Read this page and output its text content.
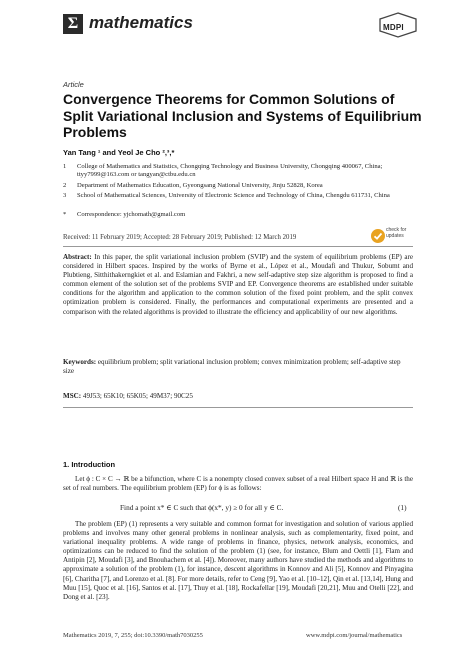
Σ mathematics	MDPI
Article
Convergence Theorems for Common Solutions of Split Variational Inclusion and Systems of Equilibrium Problems
Yan Tang ¹ and Yeol Je Cho ²,³,*
1 College of Mathematics and Statistics, Chongqing Technology and Business University, Chongqing 400067, China; ttyy7999@163.com or tangyan@ctbu.edu.cn
2 Department of Mathematics Education, Gyeongsang National University, Jinju 52828, Korea
3 School of Mathematical Sciences, University of Electronic Science and Technology of China, Chengdu 611731, China
* Correspondence: yjchomath@gmail.com
check for updates
Received: 11 February 2019; Accepted: 28 February 2019; Published: 12 March 2019
Abstract: In this paper, the split variational inclusion problem (SVIP) and the system of equilibrium problems (EP) are considered in Hilbert spaces. Inspired by the works of Byrne et al., López et al., Moudafi and Thukur, Sobumt and Plubtieng, Sitthithakerngkiet et al. and Eslamian and Fakhri, a new self-adaptive step size algorithm is proposed to find a common element of the solution set of the problems SVIP and EP. Convergence theorems are established under suitable conditions for the algorithm and application to the common solution of the fixed point problem, and the split convex optimization problem is considered. Finally, the performances and computational experiments are presented and a comparison with the related algorithms is provided to illustrate the efficiency and applicability of our new algorithms.
Keywords: equilibrium problem; split variational inclusion problem; convex minimization problem; self-adaptive step size
MSC: 49J53; 65K10; 65K05; 49M37; 90C25
1. Introduction
Let ϕ : C × C → ℝ be a bifunction, where C is a nonempty closed convex subset of a real Hilbert space H and ℝ is the set of real numbers. The equilibrium problem (EP) for ϕ is as follows:
Find a point x* ∈ C such that ϕ(x*, y) ≥ 0 for all y ∈ C.	(1)
The problem (EP) (1) represents a very suitable and common format for investigation and solution of various applied problems and involves many other general problems in nonlinear analysis, such as complementarity, fixed point, and variational inequality problems. A wide range of problems in finance, physics, network analysis, economics, and optimizations can be reduced to find the solution of the problem (1) (see, for instance, Blum and Oettli [1], Flam and Antipin [2], Moudafi [3], and Bnouhachem et al. [4]). Moreover, many authors have studied the methods and algorithms to approximate a solution of the problem (1), for instance, descent algorithms in Konnov and Ali [5], Konnov and Pinyagina [6], Charitha [7], and Lorenzo et al. [8]. For more details, refer to Ceng [9], Yao et al. [10–12], Qin et al. [13,14], Hung and Muu [15], Quoc et al. [16], Santos et al. [17], Thuy et al. [18], Rockafellar [19], Moudafi [20,21], Muu and Otelli [22], and Dong et al. [23].
Mathematics 2019, 7, 255; doi:10.3390/math7030255	www.mdpi.com/journal/mathematics
